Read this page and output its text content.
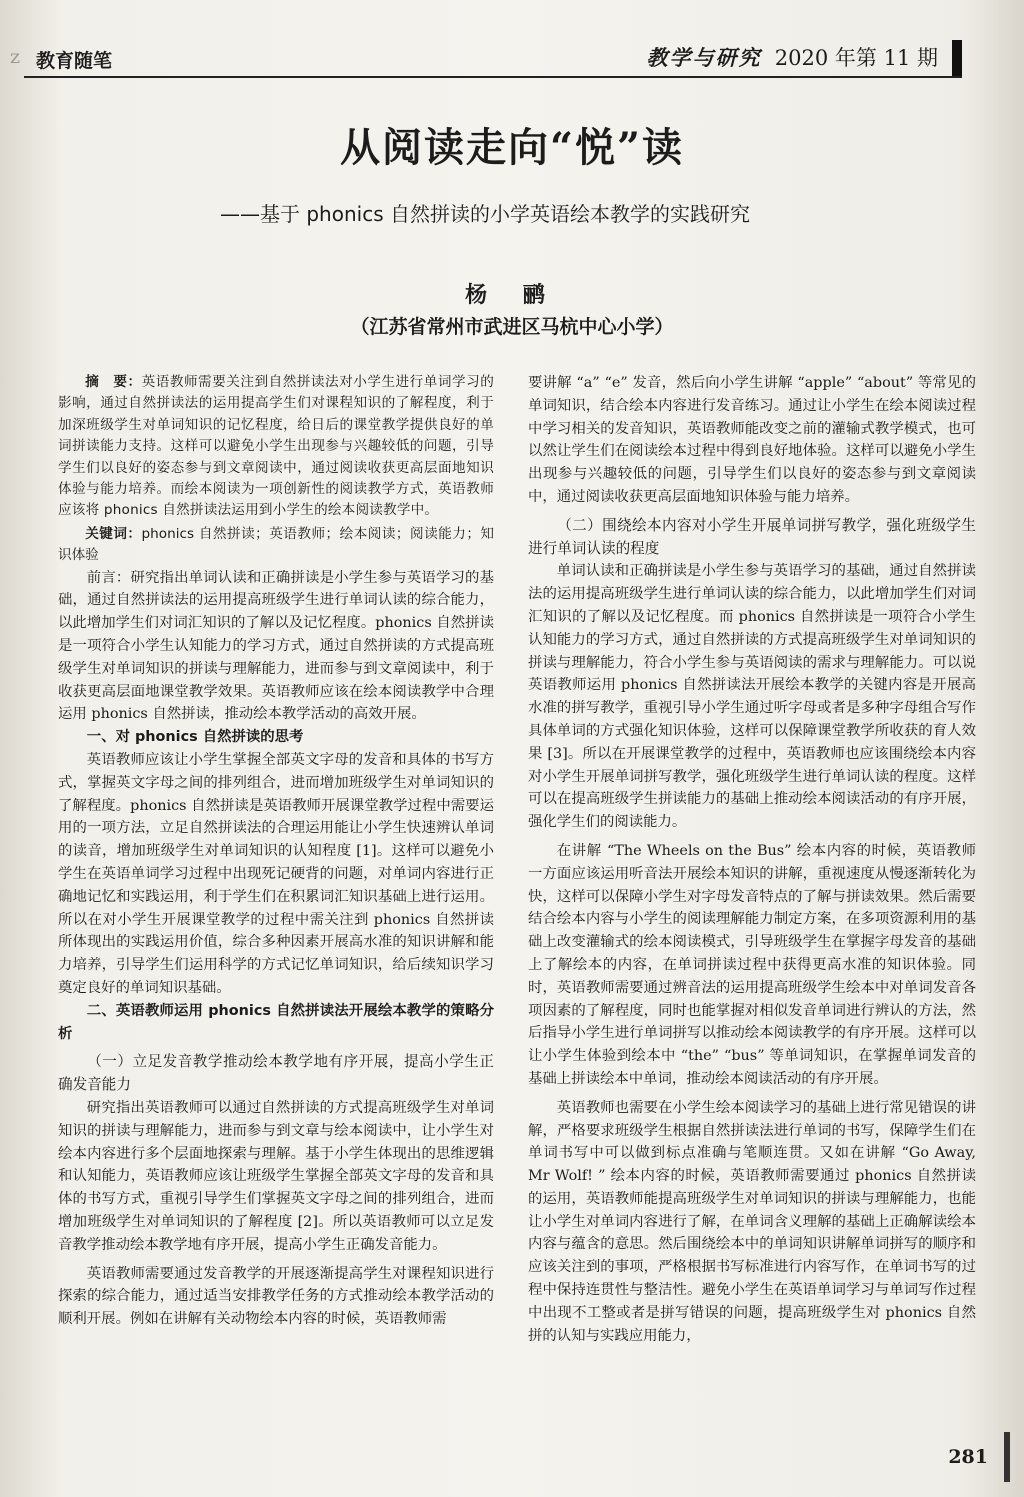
z 教育随笔	教学与研究 2020 年第 11 期
从阅读走向“悦”读
——基于 phonics 自然拼读的小学英语绘本教学的实践研究
杨 鹂
（江苏省常州市武进区马杭中心小学）

摘　要：英语教师需要关注到自然拼读法对小学生进行单词学习的影响，通过自然拼读法的运用提高学生们对课程知识的了解程度，利于加深班级学生对单词知识的记忆程度，给日后的课堂教学提供良好的单词拼读能力支持。这样可以避免小学生出现参与兴趣较低的问题，引导学生们以良好的姿态参与到文章阅读中，通过阅读收获更高层面地知识体验与能力培养。而绘本阅读为一项创新性的阅读教学方式，英语教师应该将 phonics 自然拼读法运用到小学生的绘本阅读教学中。

关键词：phonics 自然拼读；英语教师；绘本阅读；阅读能力；知识体验

前言：研究指出单词认读和正确拼读是小学生参与英语学习的基础，通过自然拼读法的运用提高班级学生进行单词认读的综合能力，以此增加学生们对词汇知识的了解以及记忆程度。phonics 自然拼读是一项符合小学生认知能力的学习方式，通过自然拼读的方式提高班级学生对单词知识的拼读与理解能力，进而参与到文章阅读中，利于收获更高层面地课堂教学效果。英语教师应该在绘本阅读教学中合理运用 phonics 自然拼读，推动绘本教学活动的高效开展。

一、对 phonics 自然拼读的思考

英语教师应该让小学生掌握全部英文字母的发音和具体的书写方式，掌握英文字母之间的排列组合，进而增加班级学生对单词知识的了解程度。phonics 自然拼读是英语教师开展课堂教学过程中需要运用的一项方法，立足自然拼读法的合理运用能让小学生快速辨认单词的读音，增加班级学生对单词知识的认知程度 [1]。这样可以避免小学生在英语单词学习过程中出现死记硬背的问题，对单词内容进行正确地记忆和实践运用，利于学生们在积累词汇知识基础上进行运用。所以在对小学生开展课堂教学的过程中需关注到 phonics 自然拼读所体现出的实践运用价值，综合多种因素开展高水准的知识讲解和能力培养，引导学生们运用科学的方式记忆单词知识，给后续知识学习奠定良好的单词知识基础。

二、英语教师运用 phonics 自然拼读法开展绘本教学的策略分析

（一）立足发音教学推动绘本教学地有序开展，提高小学生正确发音能力

研究指出英语教师可以通过自然拼读的方式提高班级学生对单词知识的拼读与理解能力，进而参与到文章与绘本阅读中，让小学生对绘本内容进行多个层面地探索与理解。基于小学生体现出的思维逻辑和认知能力，英语教师应该让班级学生掌握全部英文字母的发音和具体的书写方式，重视引导学生们掌握英文字母之间的排列组合，进而增加班级学生对单词知识的了解程度 [2]。所以英语教师可以立足发音教学推动绘本教学地有序开展，提高小学生正确发音能力。

英语教师需要通过发音教学的开展逐渐提高学生对课程知识进行探索的综合能力，通过适当安排教学任务的方式推动绘本教学活动的顺利开展。例如在讲解有关动物绘本内容的时候，英语教师需

要讲解 “a” “e” 发音，然后向小学生讲解 “apple” “about” 等常见的单词知识，结合绘本内容进行发音练习。通过让小学生在绘本阅读过程中学习相关的发音知识，英语教师能改变之前的灌输式教学模式，也可以然让学生们在阅读绘本过程中得到良好地体验。这样可以避免小学生出现参与兴趣较低的问题，引导学生们以良好的姿态参与到文章阅读中，通过阅读收获更高层面地知识体验与能力培养。

（二）围绕绘本内容对小学生开展单词拼写教学，强化班级学生进行单词认读的程度

单词认读和正确拼读是小学生参与英语学习的基础，通过自然拼读法的运用提高班级学生进行单词认读的综合能力，以此增加学生们对词汇知识的了解以及记忆程度。而 phonics 自然拼读是一项符合小学生认知能力的学习方式，通过自然拼读的方式提高班级学生对单词知识的拼读与理解能力，符合小学生参与英语阅读的需求与理解能力。可以说英语教师运用 phonics 自然拼读法开展绘本教学的关键内容是开展高水准的拼写教学，重视引导小学生通过听字母或者是多种字母组合写作具体单词的方式强化知识体验，这样可以保障课堂教学所收获的育人效果 [3]。所以在开展课堂教学的过程中，英语教师也应该围绕绘本内容对小学生开展单词拼写教学，强化班级学生进行单词认读的程度。这样可以在提高班级学生拼读能力的基础上推动绘本阅读活动的有序开展，强化学生们的阅读能力。

在讲解 “The Wheels on the Bus” 绘本内容的时候，英语教师一方面应该运用听音法开展绘本知识的讲解，重视速度从慢逐渐转化为快，这样可以保障小学生对字母发音特点的了解与拼读效果。然后需要结合绘本内容与小学生的阅读理解能力制定方案，在多项资源利用的基础上改变灌输式的绘本阅读模式，引导班级学生在掌握字母发音的基础上了解绘本的内容，在单词拼读过程中获得更高水准的知识体验。同时，英语教师需要通过辨音法的运用提高班级学生绘本中对单词发音各项因素的了解程度，同时也能掌握对相似发音单词进行辨认的方法，然后指导小学生进行单词拼写以推动绘本阅读教学的有序开展。这样可以让小学生体验到绘本中 “the” “bus” 等单词知识，在掌握单词发音的基础上拼读绘本中单词，推动绘本阅读活动的有序开展。

英语教师也需要在小学生绘本阅读学习的基础上进行常见错误的讲解，严格要求班级学生根据自然拼读法进行单词的书写，保障学生们在单词书写中可以做到标点准确与笔顺连贯。又如在讲解 “Go Away, Mr Wolf! ” 绘本内容的时候，英语教师需要通过 phonics 自然拼读的运用，英语教师能提高班级学生对单词知识的拼读与理解能力，也能让小学生对单词内容进行了解，在单词含义理解的基础上正确解读绘本内容与蕴含的意思。然后围绕绘本中的单词知识讲解单词拼写的顺序和应该关注到的事项，严格根据书写标准进行内容写作，在单词书写的过程中保持连贯性与整洁性。避免小学生在英语单词学习与单词写作过程中出现不工整或者是拼写错误的问题，提高班级学生对 phonics 自然拼的认知与实践应用能力，

281
